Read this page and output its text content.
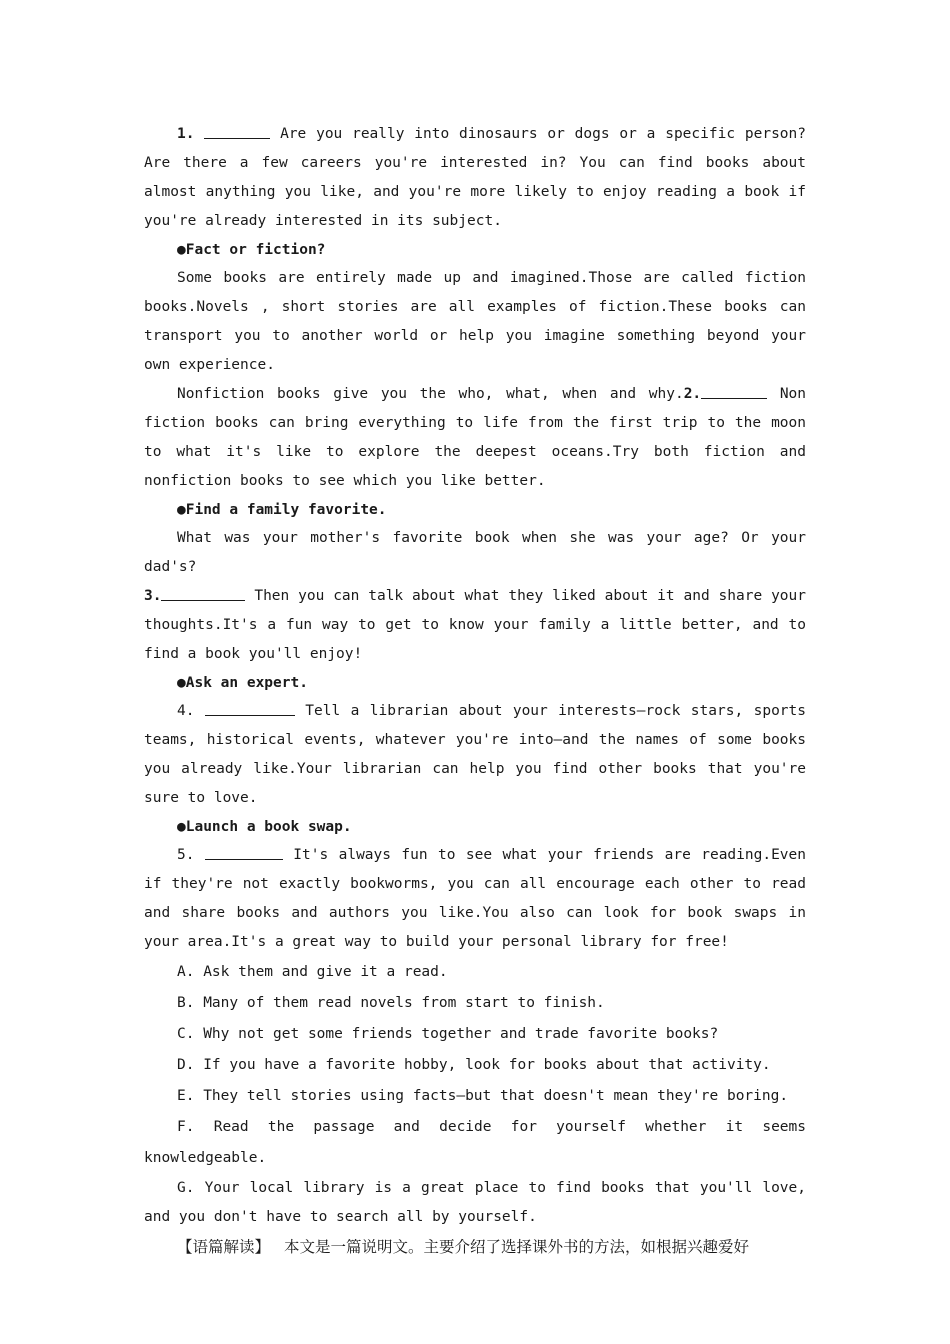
1.	Are you really into dinosaurs or dogs or a specific person? Are there a few careers you're interested in? You can find books about almost anything you like, and you're more likely to enjoy reading a book if you're already interested in its subject.

●Fact or fiction?

Some books are entirely made up and imagined.Those are called fiction books.Novels , short stories are all examples of fiction.These books can transport you to another world or help you imagine something beyond your own experience.

Nonfiction books give you the who, what, when and why.2.	Non fiction books can bring everything to life from the first trip to the moon to what it's like to explore the deepest oceans.Try both fiction and nonfiction books to see which you like better.

●Find a family favorite.

What was your mother's favorite book when she was your age? Or your dad's?

3.	Then you can talk about what they liked about it and share your thoughts.It's a fun way to get to know your family a little better, and to find a book you'll enjoy!

●Ask an expert.

4.	Tell a librarian about your interests—rock stars, sports teams, historical events, whatever you're into—and the names of some books you already like.Your librarian can help you find other books that you're sure to love.

●Launch a book swap.

5.	It's always fun to see what your friends are reading.Even if they're not exactly bookworms, you can all encourage each other to read and share books and authors you like.You also can look for book swaps in your area.It's a great way to build your personal library for free!

A. Ask them and give it a read.

B. Many of them read novels from start to finish.

C. Why not get some friends together and trade favorite books?

D. If you have a favorite hobby, look for books about that activity.

E. They tell stories using facts—but that doesn't mean they're boring.

F. Read the passage and decide for yourself whether it seems knowledgeable.

G. Your local library is a great place to find books that you'll love, and you don't have to search all by yourself.

【语篇解读】 本文是一篇说明文。主要介绍了选择课外书的方法，如根据兴趣爱好
